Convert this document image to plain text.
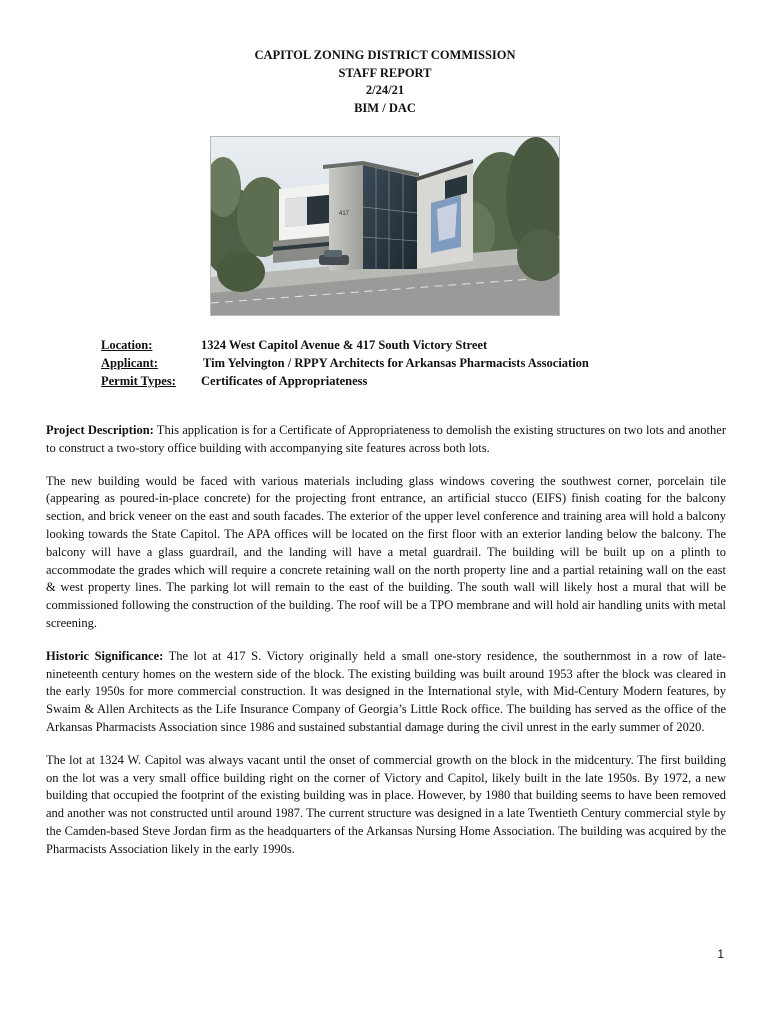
CAPITOL ZONING DISTRICT COMMISSION
STAFF REPORT
2/24/21
BIM / DAC
417
Location:	1324 West Capitol Avenue & 417 South Victory Street
Applicant:	Tim Yelvington / RPPY Architects for Arkansas Pharmacists Association
Permit Types: Certificates of Appropriateness

Project Description: This application is for a Certificate of Appropriateness to demolish the existing structures on two lots and another to construct a two-story office building with accompanying site features across both lots.

The new building would be faced with various materials including glass windows covering the southwest corner, porcelain tile (appearing as poured-in-place concrete) for the projecting front entrance, an artificial stucco (EIFS) finish coating for the balcony section, and brick veneer on the east and south facades. The exterior of the upper level conference and training area will hold a balcony looking towards the State Capitol. The APA offices will be located on the first floor with an exterior landing below the balcony. The balcony will have a glass guardrail, and the landing will have a metal guardrail. The building will be built up on a plinth to accommodate the grades which will require a concrete retaining wall on the north property line and a partial retaining wall on the east & west property lines. The parking lot will remain to the east of the building. The south wall will likely host a mural that will be commissioned following the construction of the building. The roof will be a TPO membrane and will hold air handling units with metal screening.

Historic Significance: The lot at 417 S. Victory originally held a small one-story residence, the southernmost in a row of late-nineteenth century homes on the western side of the block. The existing building was built around 1953 after the block was cleared in the early 1950s for more commercial construction. It was designed in the International style, with Mid-Century Modern features, by Swaim & Allen Architects as the Life Insurance Company of Georgia’s Little Rock office. The building has served as the office of the Arkansas Pharmacists Association since 1986 and sustained substantial damage during the civil unrest in the early summer of 2020.

The lot at 1324 W. Capitol was always vacant until the onset of commercial growth on the block in the midcentury. The first building on the lot was a very small office building right on the corner of Victory and Capitol, likely built in the late 1950s. By 1972, a new building that occupied the footprint of the existing building was in place. However, by 1980 that building seems to have been removed and another was not constructed until around 1987. The current structure was designed in a late Twentieth Century commercial style by the Camden-based Steve Jordan firm as the headquarters of the Arkansas Nursing Home Association. The building was acquired by the Pharmacists Association likely in the early 1990s.

1
